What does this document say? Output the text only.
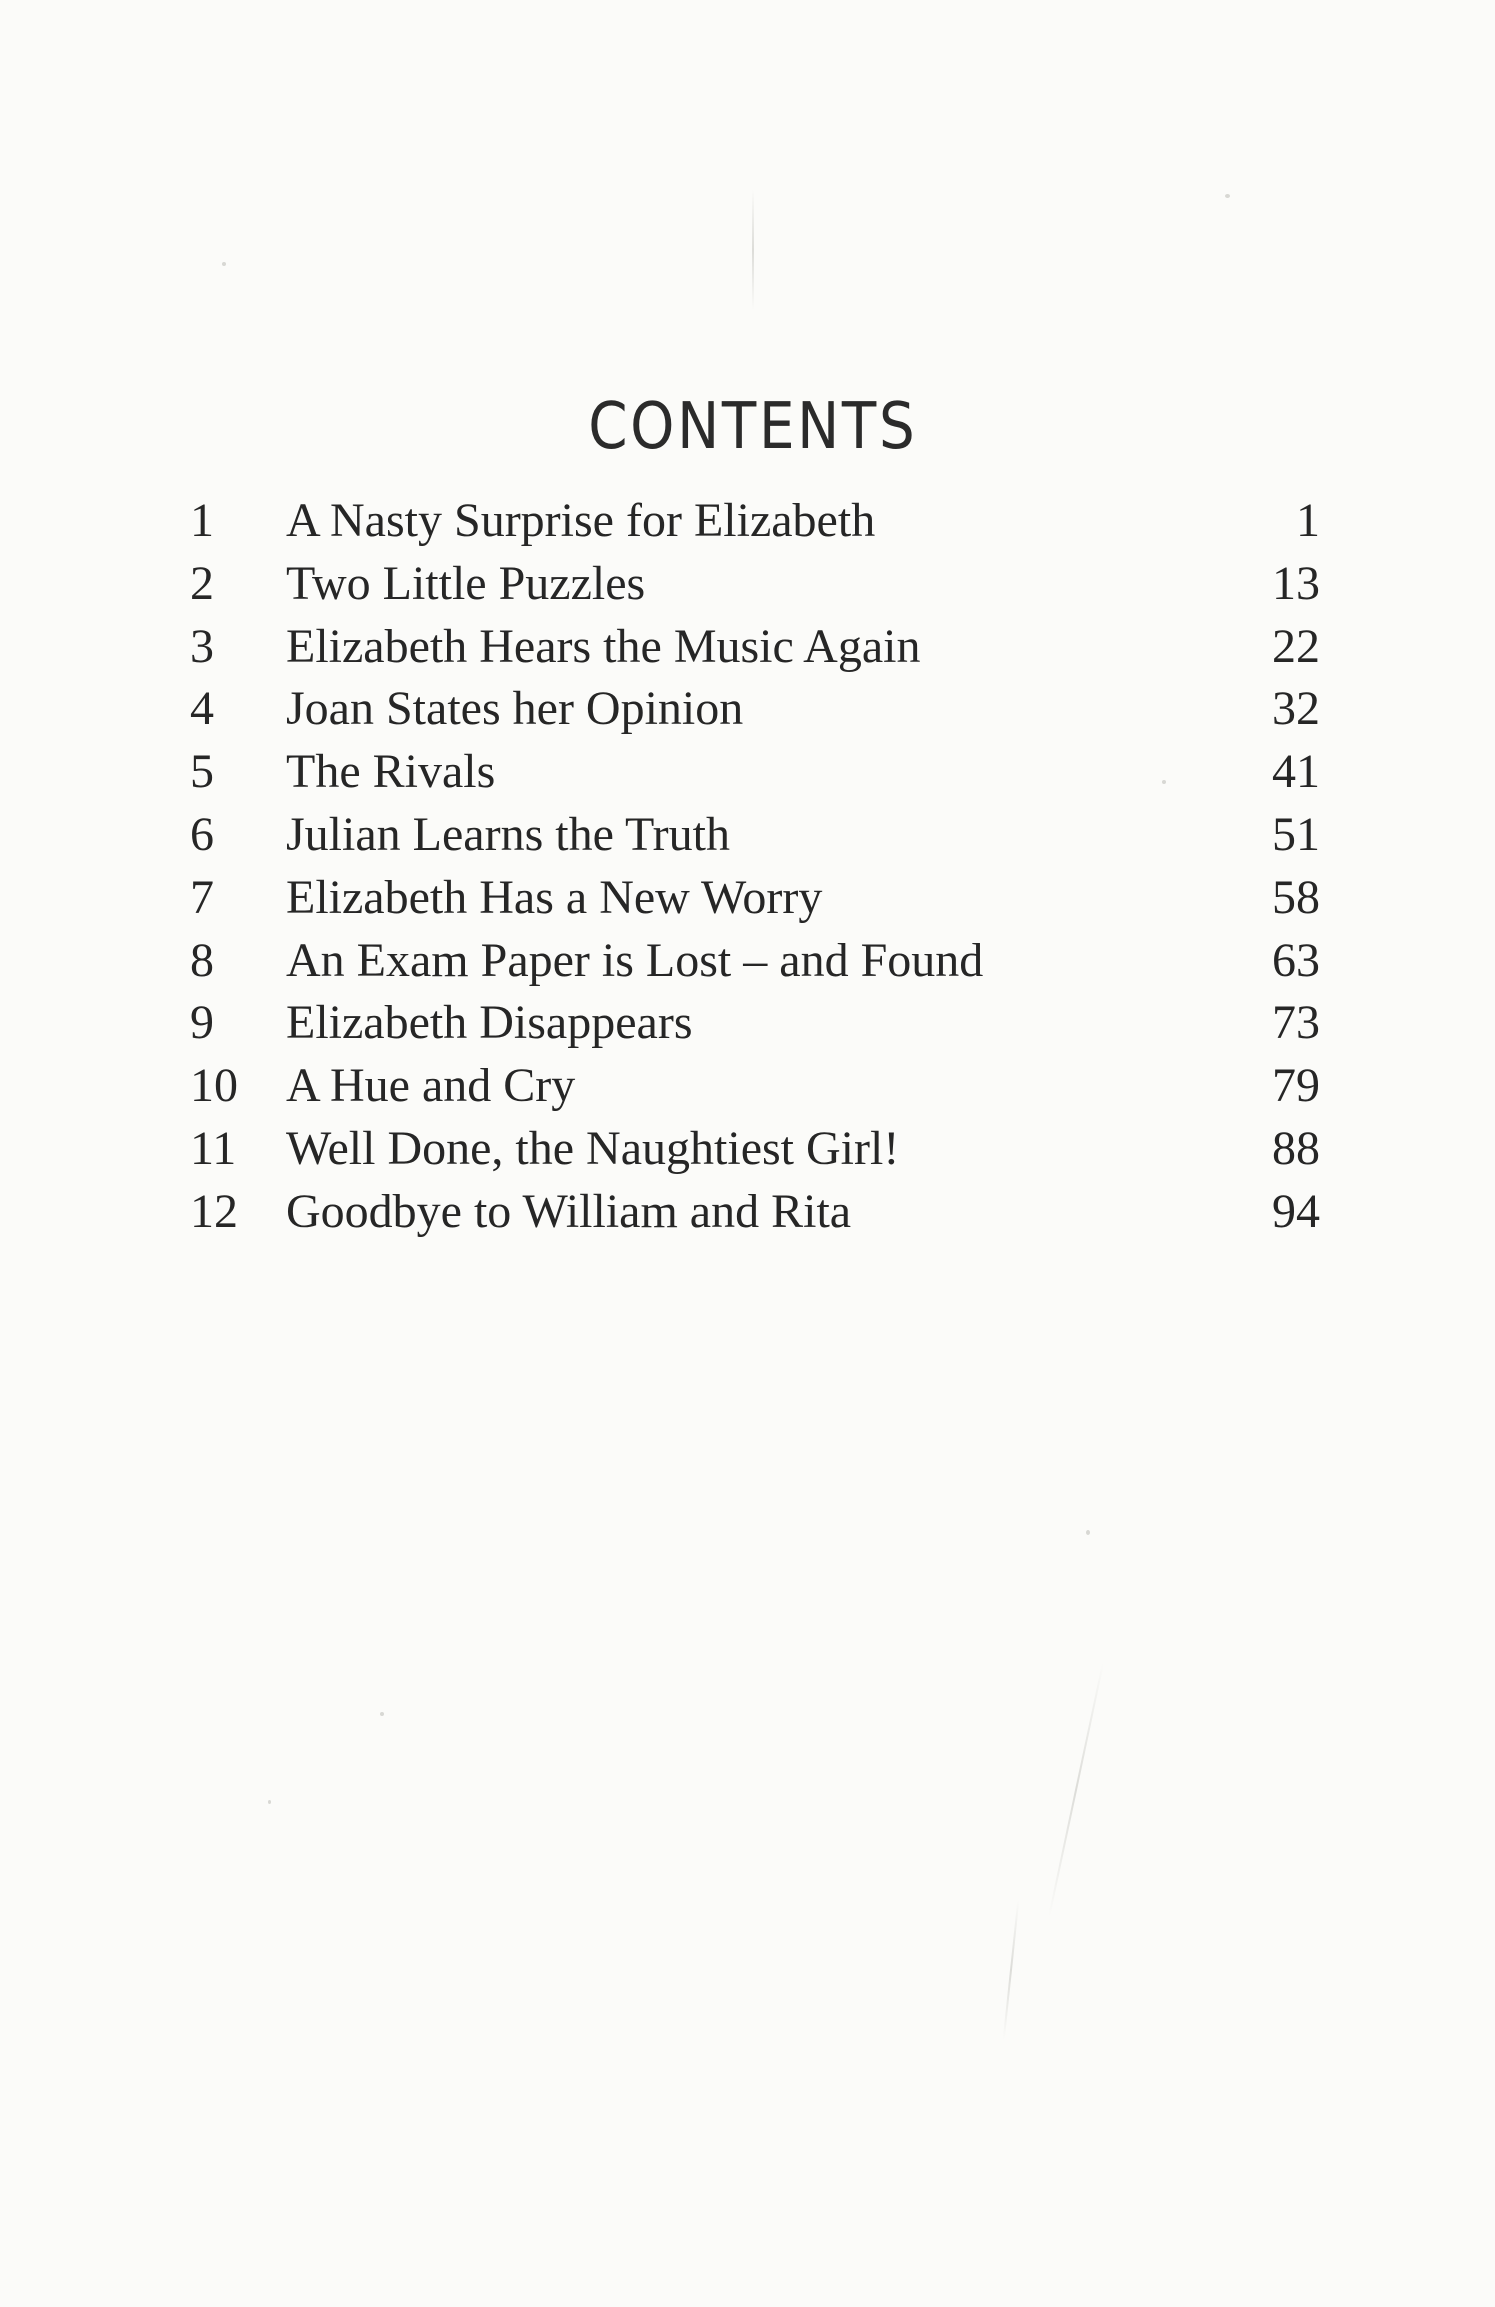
CONTENTS
1	A Nasty Surprise for Elizabeth	1
2	Two Little Puzzles	13
3	Elizabeth Hears the Music Again	22
4	Joan States her Opinion	32
5	The Rivals	41
6	Julian Learns the Truth	51
7	Elizabeth Has a New Worry	58
8	An Exam Paper is Lost – and Found	63
9	Elizabeth Disappears	73
10	A Hue and Cry	79
11	Well Done, the Naughtiest Girl!	88
12	Goodbye to William and Rita	94
